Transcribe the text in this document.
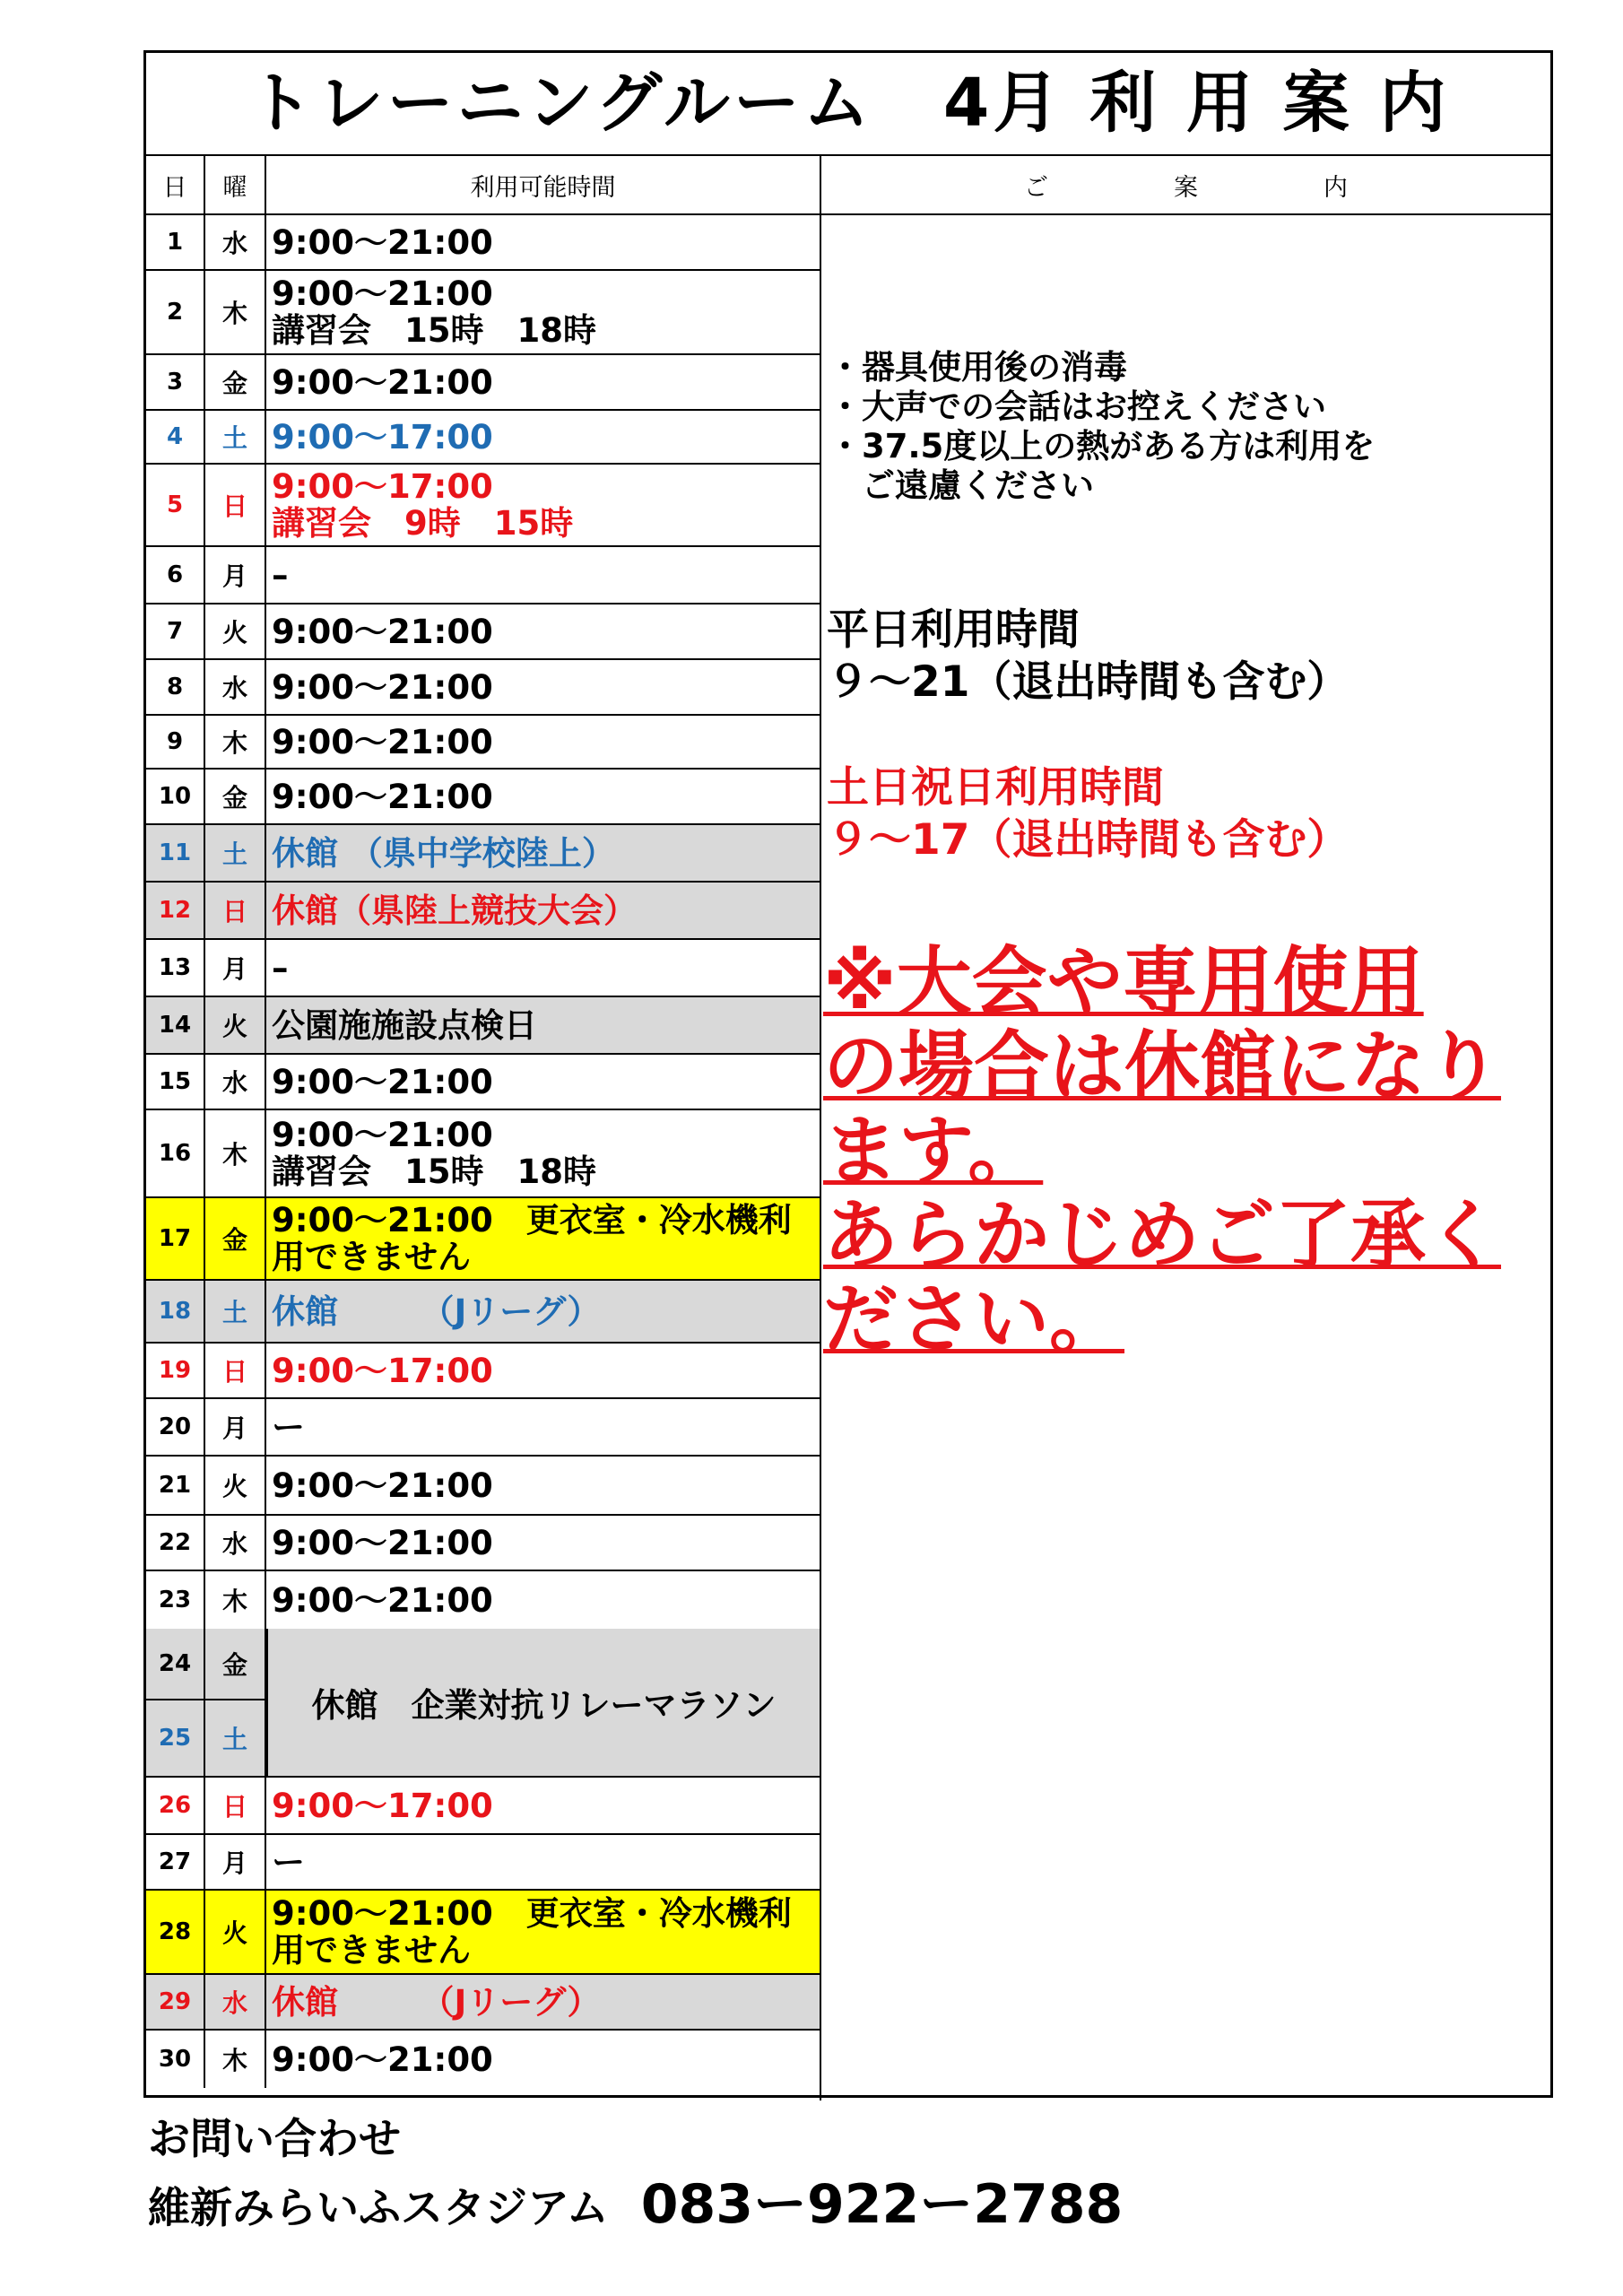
トレーニングルーム　4月 利 用 案 内
日	曜	利用可能時間
1	水 9:00～21:00
2	木
9:00～21:00
講習会　15時　18時
3	金 9:00～21:00
4	土 9:00～17:00
5	日
9:00～17:00
講習会　9時　15時
6	月 –
7	火 9:00～21:00
8	水 9:00～21:00
9	木 9:00～21:00
10	金 9:00～21:00
11	土 休館 （県中学校陸上）
12	日 休館（県陸上競技大会）
13	月 –
14	火 公園施施設点検日
15	水 9:00～21:00
16	木
9:00～21:00
講習会　15時　18時
17	金
9:00～21:00　更衣室・冷水機利用できません
18	土 休館　　　（Jリーグ）
19	日 9:00～17:00
20	月 ー
21	火 9:00～21:00
22	水 9:00～21:00
23	木 9:00～21:00
24	金
25	土
休館　企業対抗リレーマラソン
26	日 9:00～17:00
27	月 ー
28	火
9:00～21:00　更衣室・冷水機利用できません
29	水 休館　　　（Jリーグ）
30	木 9:00～21:00
ご	案	内
・器具使用後の消毒
・大声での会話はお控えください
・37.5度以上の熱がある方は利用を
　ご遠慮ください
平日利用時間
９～21（退出時間も含む）
土日祝日利用時間
９～17（退出時間も含む）
※大会や専用使用
の場合は休館になり
ます。
あらかじめご了承く
ださい。
お問い合わせ
維新みらいふスタジアム 083ー922ー2788
